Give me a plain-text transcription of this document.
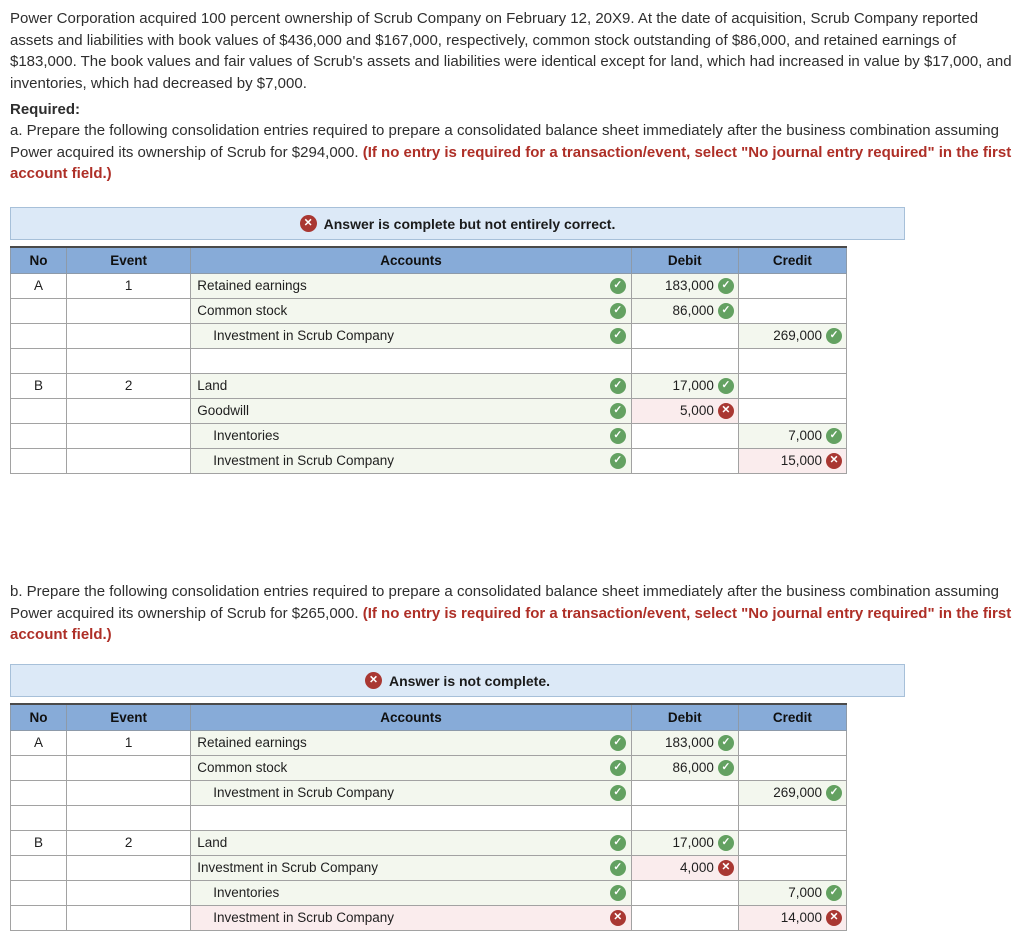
Power Corporation acquired 100 percent ownership of Scrub Company on February 12, 20X9. At the date of acquisition, Scrub Company reported assets and liabilities with book values of $436,000 and $167,000, respectively, common stock outstanding of $86,000, and retained earnings of $183,000. The book values and fair values of Scrub's assets and liabilities were identical except for land, which had increased in value by $17,000, and inventories, which had decreased by $7,000.
Required:
a. Prepare the following consolidation entries required to prepare a consolidated balance sheet immediately after the business combination assuming Power acquired its ownership of Scrub for $294,000. (If no entry is required for a transaction/event, select "No journal entry required" in the first account field.)
✕ Answer is complete but not entirely correct.
No	Event	Accounts	Debit	Credit
A	1	Retained earnings ✓	183,000 ✓	

		Common stock ✓	86,000 ✓	

		Investment in Scrub Company ✓		269,000 ✓

B	2	Land ✓	17,000 ✓	

		Goodwill ✓	5,000 ✕	

		Inventories ✓		7,000 ✓

		Investment in Scrub Company ✓		15,000 ✕
b. Prepare the following consolidation entries required to prepare a consolidated balance sheet immediately after the business combination assuming Power acquired its ownership of Scrub for $265,000. (If no entry is required for a transaction/event, select "No journal entry required" in the first account field.)
✕ Answer is not complete.
No	Event	Accounts	Debit	Credit
A	1	Retained earnings ✓	183,000 ✓	

		Common stock ✓	86,000 ✓	

		Investment in Scrub Company ✓		269,000 ✓

B	2	Land ✓	17,000 ✓	

		Investment in Scrub Company ✓	4,000 ✕	

		Inventories ✓		7,000 ✓

		Investment in Scrub Company ✕		14,000 ✕
